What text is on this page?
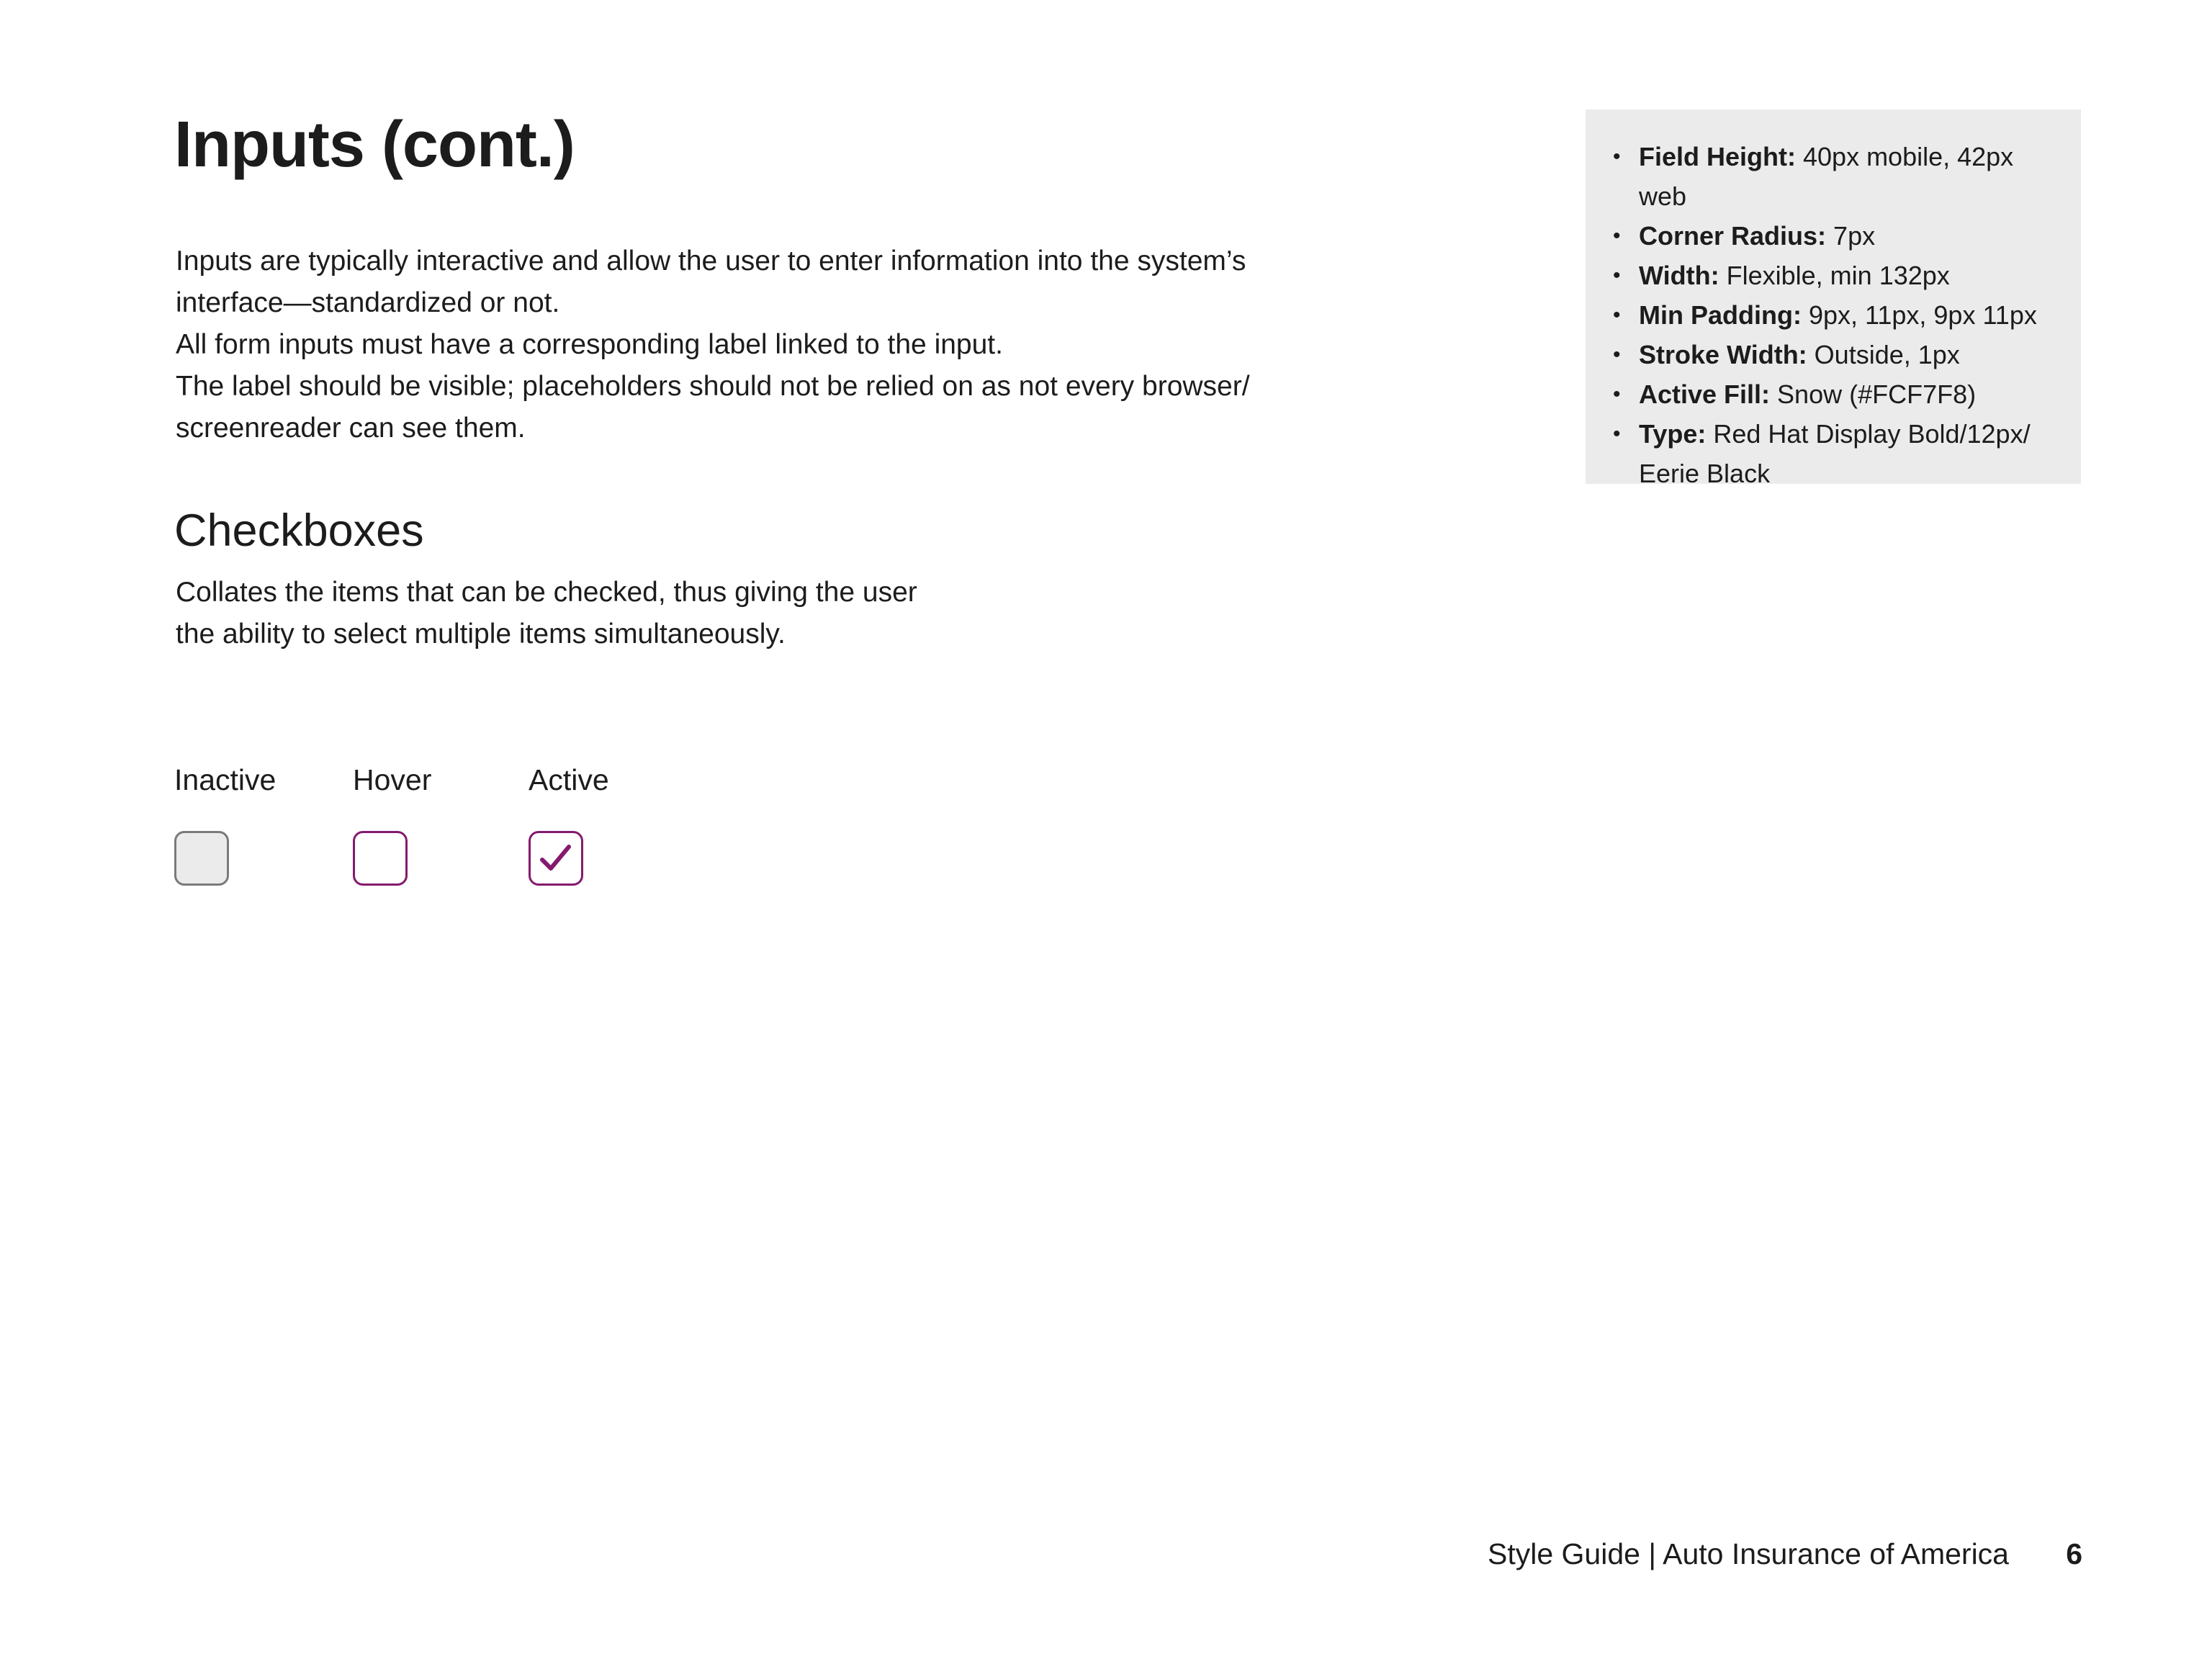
Inputs (cont.)

Inputs are typically interactive and allow the user to enter information into the system’s
interface—standardized or not.
All form inputs must have a corresponding label linked to the input.
The label should be visible; placeholders should not be relied on as not every browser/
screenreader can see them.

Checkboxes

Collates the items that can be checked, thus giving the user
the ability to select multiple items simultaneously.

Inactive	Hover	Active
• Field Height: 40px mobile, 42px web
• Corner Radius: 7px
• Width: Flexible, min 132px
• Min Padding: 9px, 11px, 9px 11px
• Stroke Width: Outside, 1px
• Active Fill: Snow (#FCF7F8)
• Type: Red Hat Display Bold/12px/ Eerie Black
Style Guide | Auto Insurance of America 6
